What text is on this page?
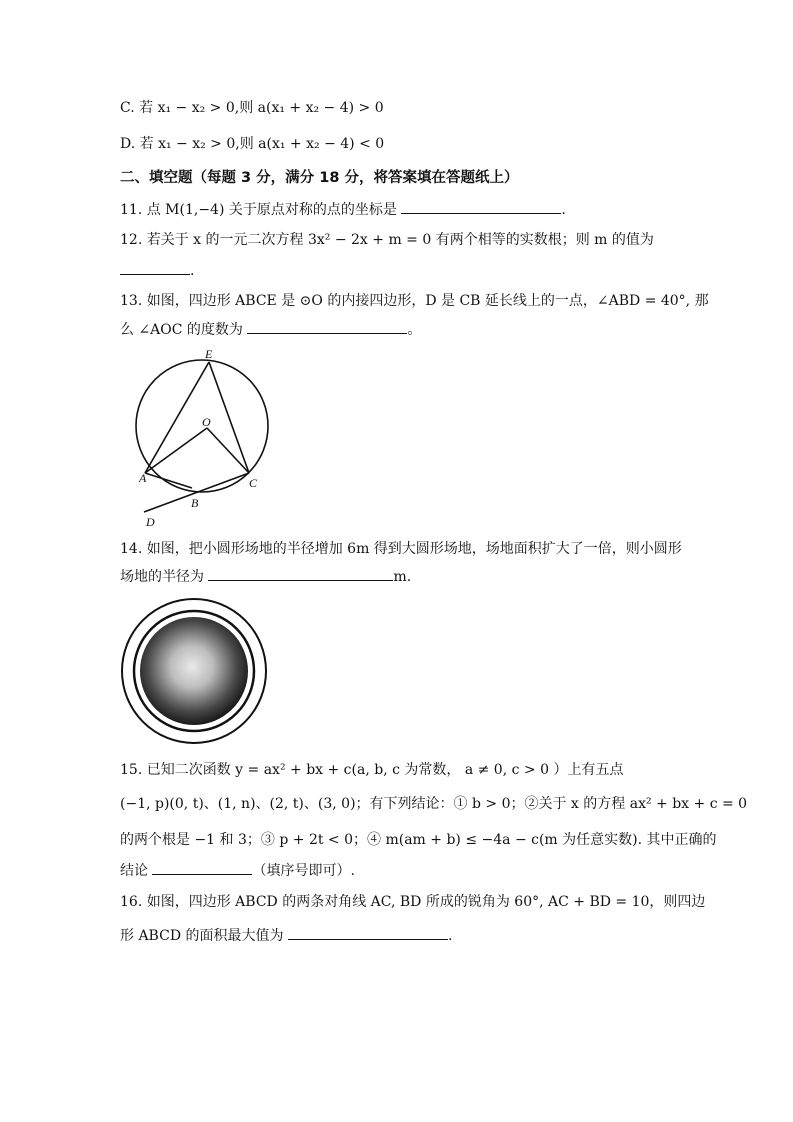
C. 若 x₁ − x₂ > 0,则 a(x₁ + x₂ − 4) > 0
D. 若 x₁ − x₂ > 0,则 a(x₁ + x₂ − 4) < 0
二、填空题（每题 3 分，满分 18 分，将答案填在答题纸上）
11. 点 M(1,−4) 关于原点对称的点的坐标是	.
12. 若关于 x 的一元二次方程 3x² − 2x + m = 0 有两个相等的实数根；则 m 的值为
.
13. 如图，四边形 ABCE 是 ⊙O 的内接四边形，D 是 CB 延长线上的一点，∠ABD = 40°, 那
么 ∠AOC 的度数为	。
E
O
A
B
C
D
14. 如图，把小圆形场地的半径增加 6m 得到大圆形场地，场地面积扩大了一倍，则小圆形
场地的半径为	m.
15. 已知二次函数 y = ax² + bx + c(a, b, c 为常数， a ≠ 0, c > 0 ）上有五点
(−1, p)(0, t)、(1, n)、(2, t)、(3, 0)；有下列结论：① b > 0；②关于 x 的方程 ax² + bx + c = 0
的两个根是 −1 和 3；③ p + 2t < 0；④ m(am + b) ≤ −4a − c(m 为任意实数). 其中正确的
结论	（填序号即可）.
16. 如图，四边形 ABCD 的两条对角线 AC, BD 所成的锐角为 60°, AC + BD = 10，则四边
形 ABCD 的面积最大值为	.
